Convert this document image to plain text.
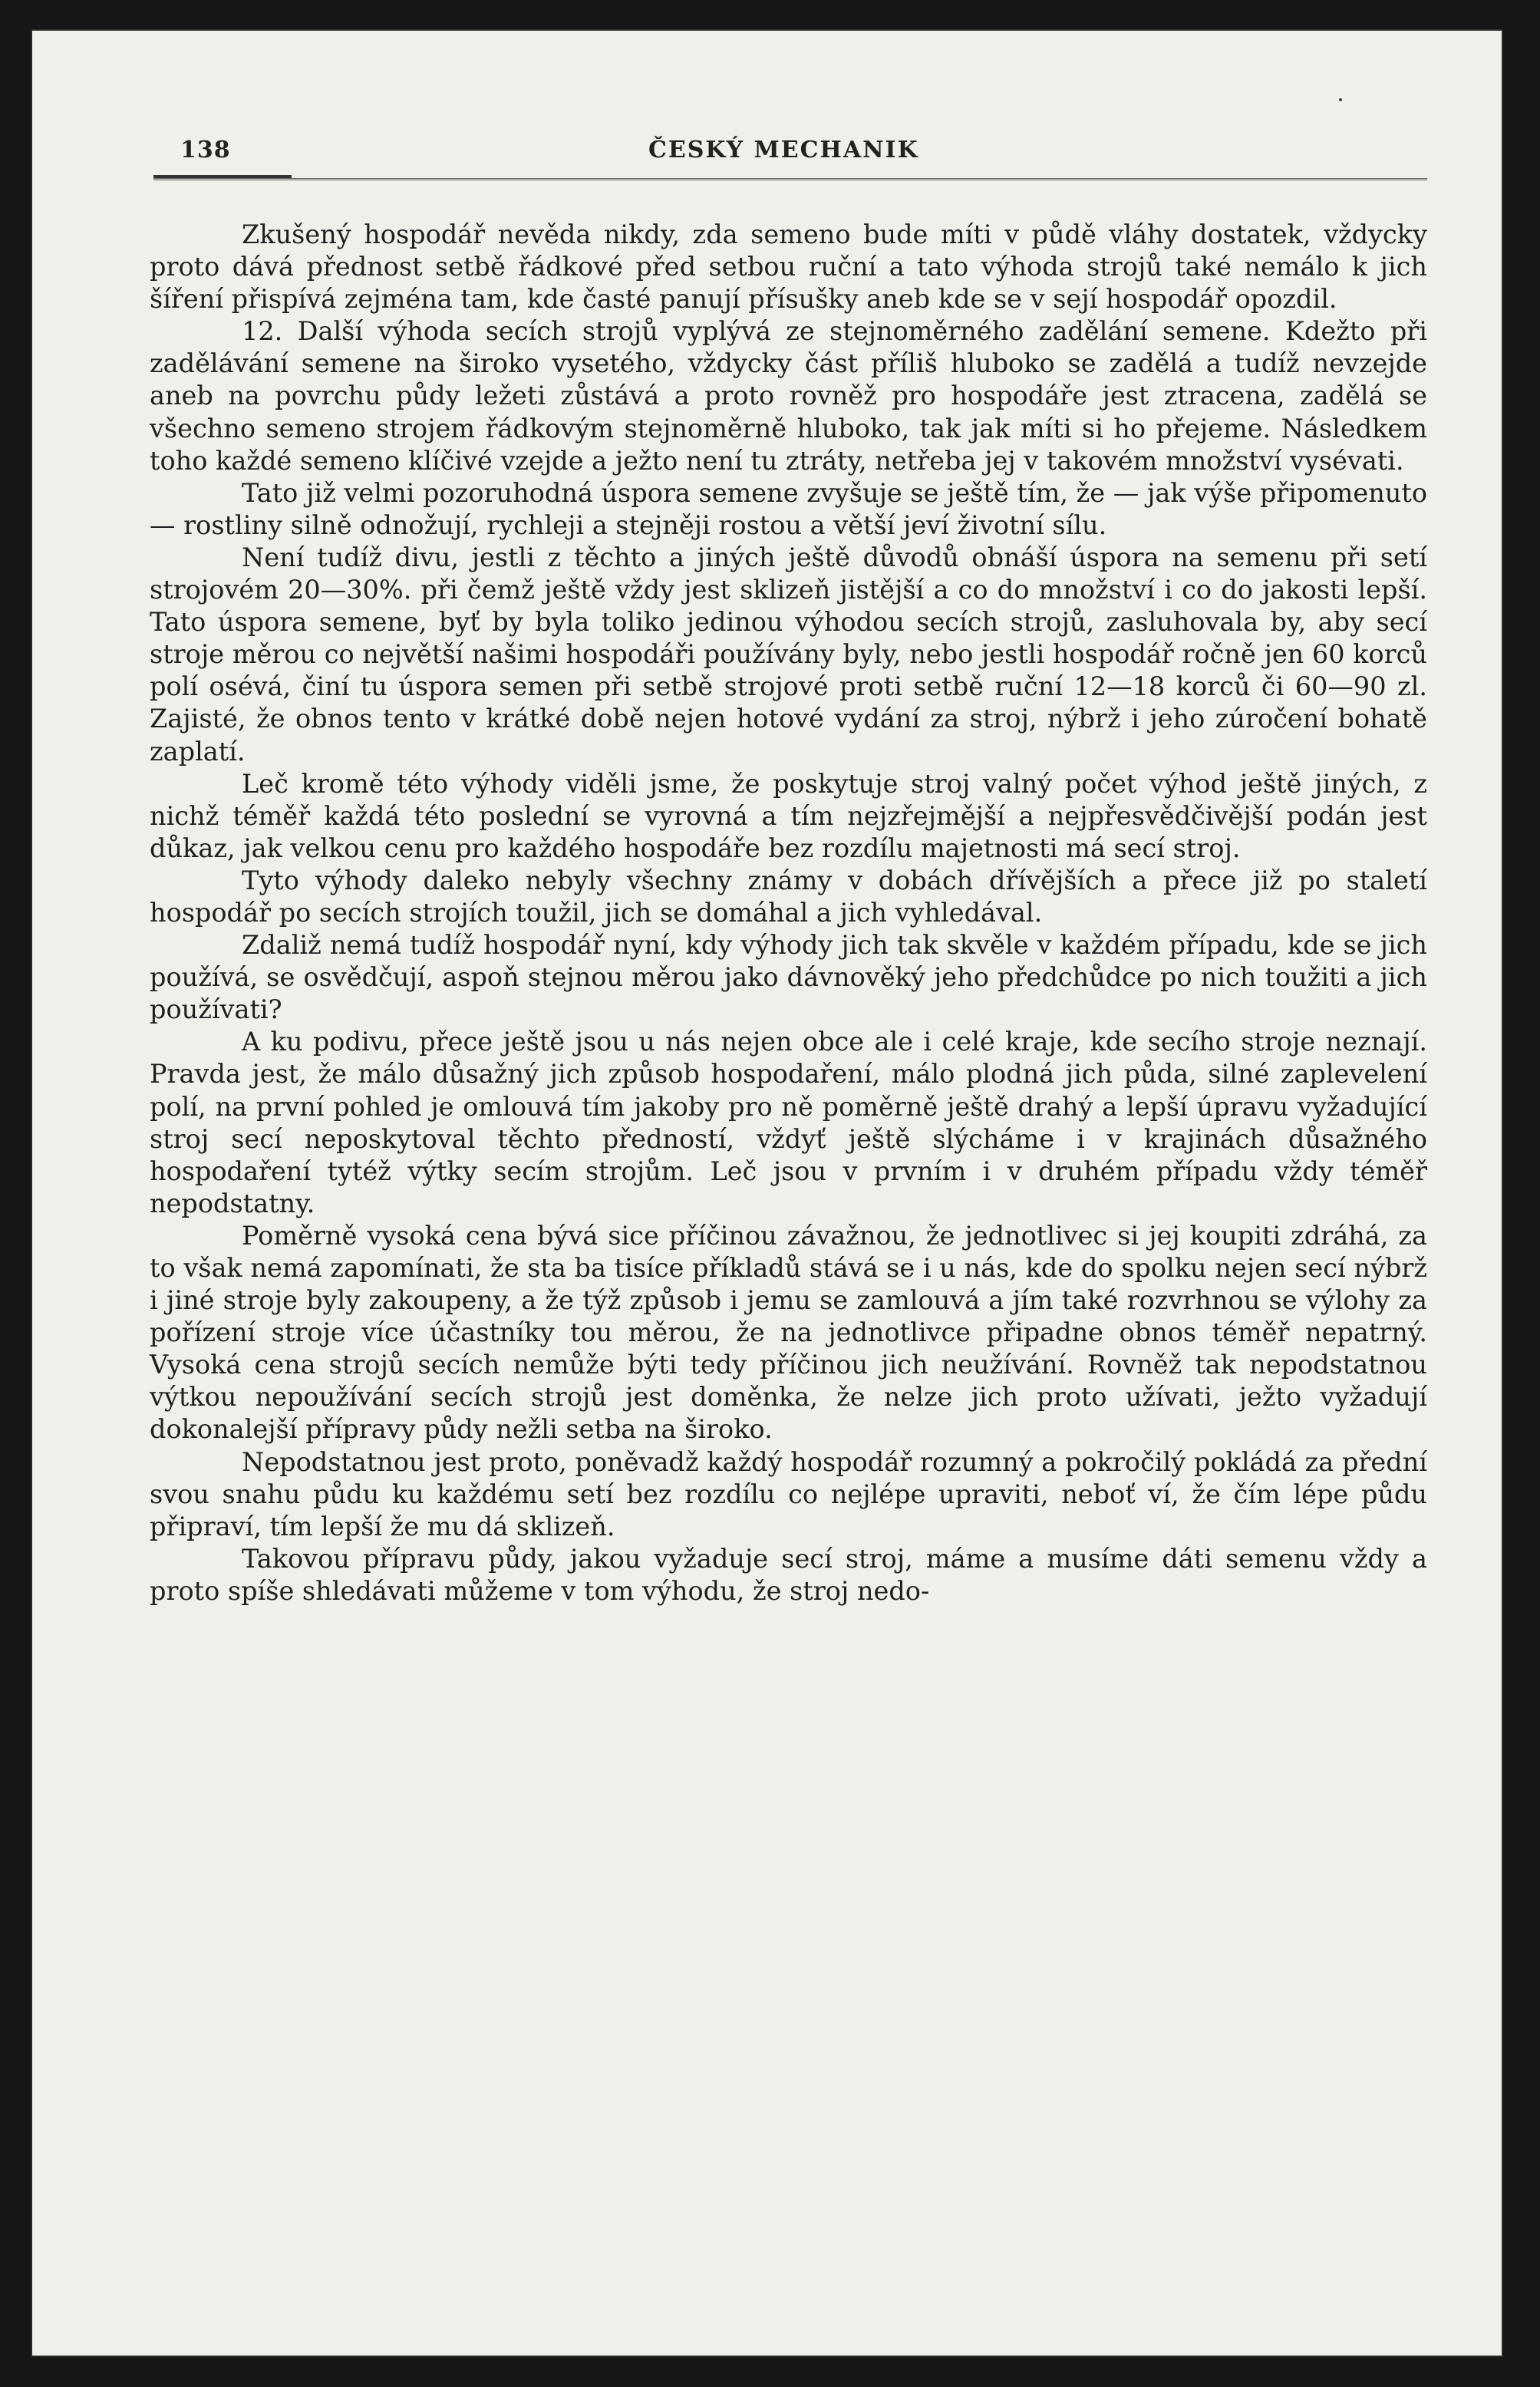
138	ČESKÝ MECHANIK

Zkušený hospodář nevěda nikdy, zda semeno bude míti v půdě vláhy dostatek, vždycky proto dává přednost setbě řádkové před setbou ruční a tato výhoda strojů také nemálo k jich šíření přispívá zejména tam, kde časté panují přísušky aneb kde se v sejí hospodář opozdil.

12. Další výhoda secích strojů vyplývá ze stejnoměrného zadělání semene. Kdežto při zadělávání semene na široko vysetého, vždycky část příliš hluboko se zadělá a tudíž nevzejde aneb na povrchu půdy ležeti zůstává a proto rovněž pro hospodáře jest ztracena, zadělá se všechno semeno strojem řádkovým stejnoměrně hluboko, tak jak míti si ho přejeme. Následkem toho každé semeno klíčivé vzejde a ježto není tu ztráty, netřeba jej v takovém množství vysévati.

Tato již velmi pozoruhodná úspora semene zvyšuje se ještě tím, že — jak výše připomenuto — rostliny silně odnožují, rychleji a stejněji rostou a větší jeví životní sílu.

Není tudíž divu, jestli z těchto a jiných ještě důvodů obnáší úspora na semenu při setí strojovém 20—30%. při čemž ještě vždy jest sklizeň jistější a co do množství i co do jakosti lepší. Tato úspora semene, byť by byla toliko jedinou výhodou secích strojů, zasluhovala by, aby secí stroje měrou co největší našimi hospodáři používány byly, nebo jestli hospodář ročně jen 60 korců polí osévá, činí tu úspora semen při setbě strojové proti setbě ruční 12—18 korců či 60—90 zl. Zajisté, že obnos tento v krátké době nejen hotové vydání za stroj, nýbrž i jeho zúročení bohatě zaplatí.

Leč kromě této výhody viděli jsme, že poskytuje stroj valný počet výhod ještě jiných, z nichž téměř každá této poslední se vyrovná a tím nejzřejmější a nejpřesvědčivější podán jest důkaz, jak velkou cenu pro každého hospodáře bez rozdílu majetnosti má secí stroj.

Tyto výhody daleko nebyly všechny známy v dobách dřívějších a přece již po staletí hospodář po secích strojích toužil, jich se domáhal a jich vyhledával.

Zdaliž nemá tudíž hospodář nyní, kdy výhody jich tak skvěle v každém případu, kde se jich používá, se osvědčují, aspoň stejnou měrou jako dávnověký jeho předchůdce po nich toužiti a jich používati?

A ku podivu, přece ještě jsou u nás nejen obce ale i celé kraje, kde secího stroje neznají. Pravda jest, že málo důsažný jich způsob hospodaření, málo plodná jich půda, silné zaplevelení polí, na první pohled je omlouvá tím jakoby pro ně poměrně ještě drahý a lepší úpravu vyžadující stroj secí neposkytoval těchto předností, vždyť ještě slýcháme i v krajinách důsažného hospodaření tytéž výtky secím strojům. Leč jsou v prvním i v druhém případu vždy téměř nepodstatny.

Poměrně vysoká cena bývá sice příčinou závažnou, že jednotlivec si jej koupiti zdráhá, za to však nemá zapomínati, že sta ba tisíce příkladů stává se i u nás, kde do spolku nejen secí nýbrž i jiné stroje byly zakoupeny, a že týž způsob i jemu se zamlouvá a jím také rozvrhnou se výlohy za pořízení stroje více účastníky tou měrou, že na jednotlivce připadne obnos téměř nepatrný. Vysoká cena strojů secích nemůže býti tedy příčinou jich neužívání. Rovněž tak nepodstatnou výtkou nepoužívání secích strojů jest doměnka, že nelze jich proto užívati, ježto vyžadují dokonalejší přípravy půdy nežli setba na široko.

Nepodstatnou jest proto, poněvadž každý hospodář rozumný a pokročilý pokládá za přední svou snahu půdu ku každému setí bez rozdílu co nejlépe upraviti, neboť ví, že čím lépe půdu připraví, tím lepší že mu dá sklizeň.

Takovou přípravu půdy, jakou vyžaduje secí stroj, máme a musíme dáti semenu vždy a proto spíše shledávati můžeme v tom výhodu, že stroj nedo-
